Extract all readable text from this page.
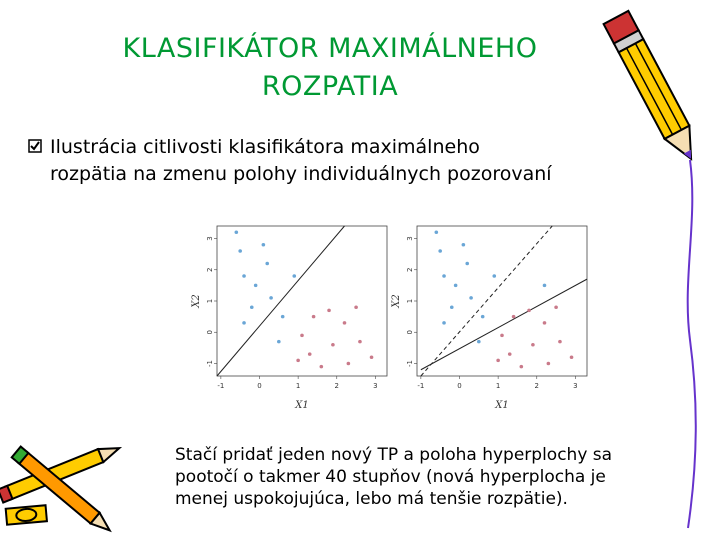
KLASIFIKÁTOR MAXIMÁLNEHO
ROZPATIA
Ilustrácia citlivosti klasifikátora maximálneho
rozpätia na zmenu polohy individuálnych pozorovaní
-1	0	1	2	3
-1
0
1
2
3
X1
X2
-1	0	1	2	3
-1
0
1
2
3
X1
X2
Stačí pridať jeden nový TP a poloha hyperplochy sa
pootočí o takmer 40 stupňov (nová hyperplocha je
menej uspokojujúca, lebo má tenšie rozpätie).
